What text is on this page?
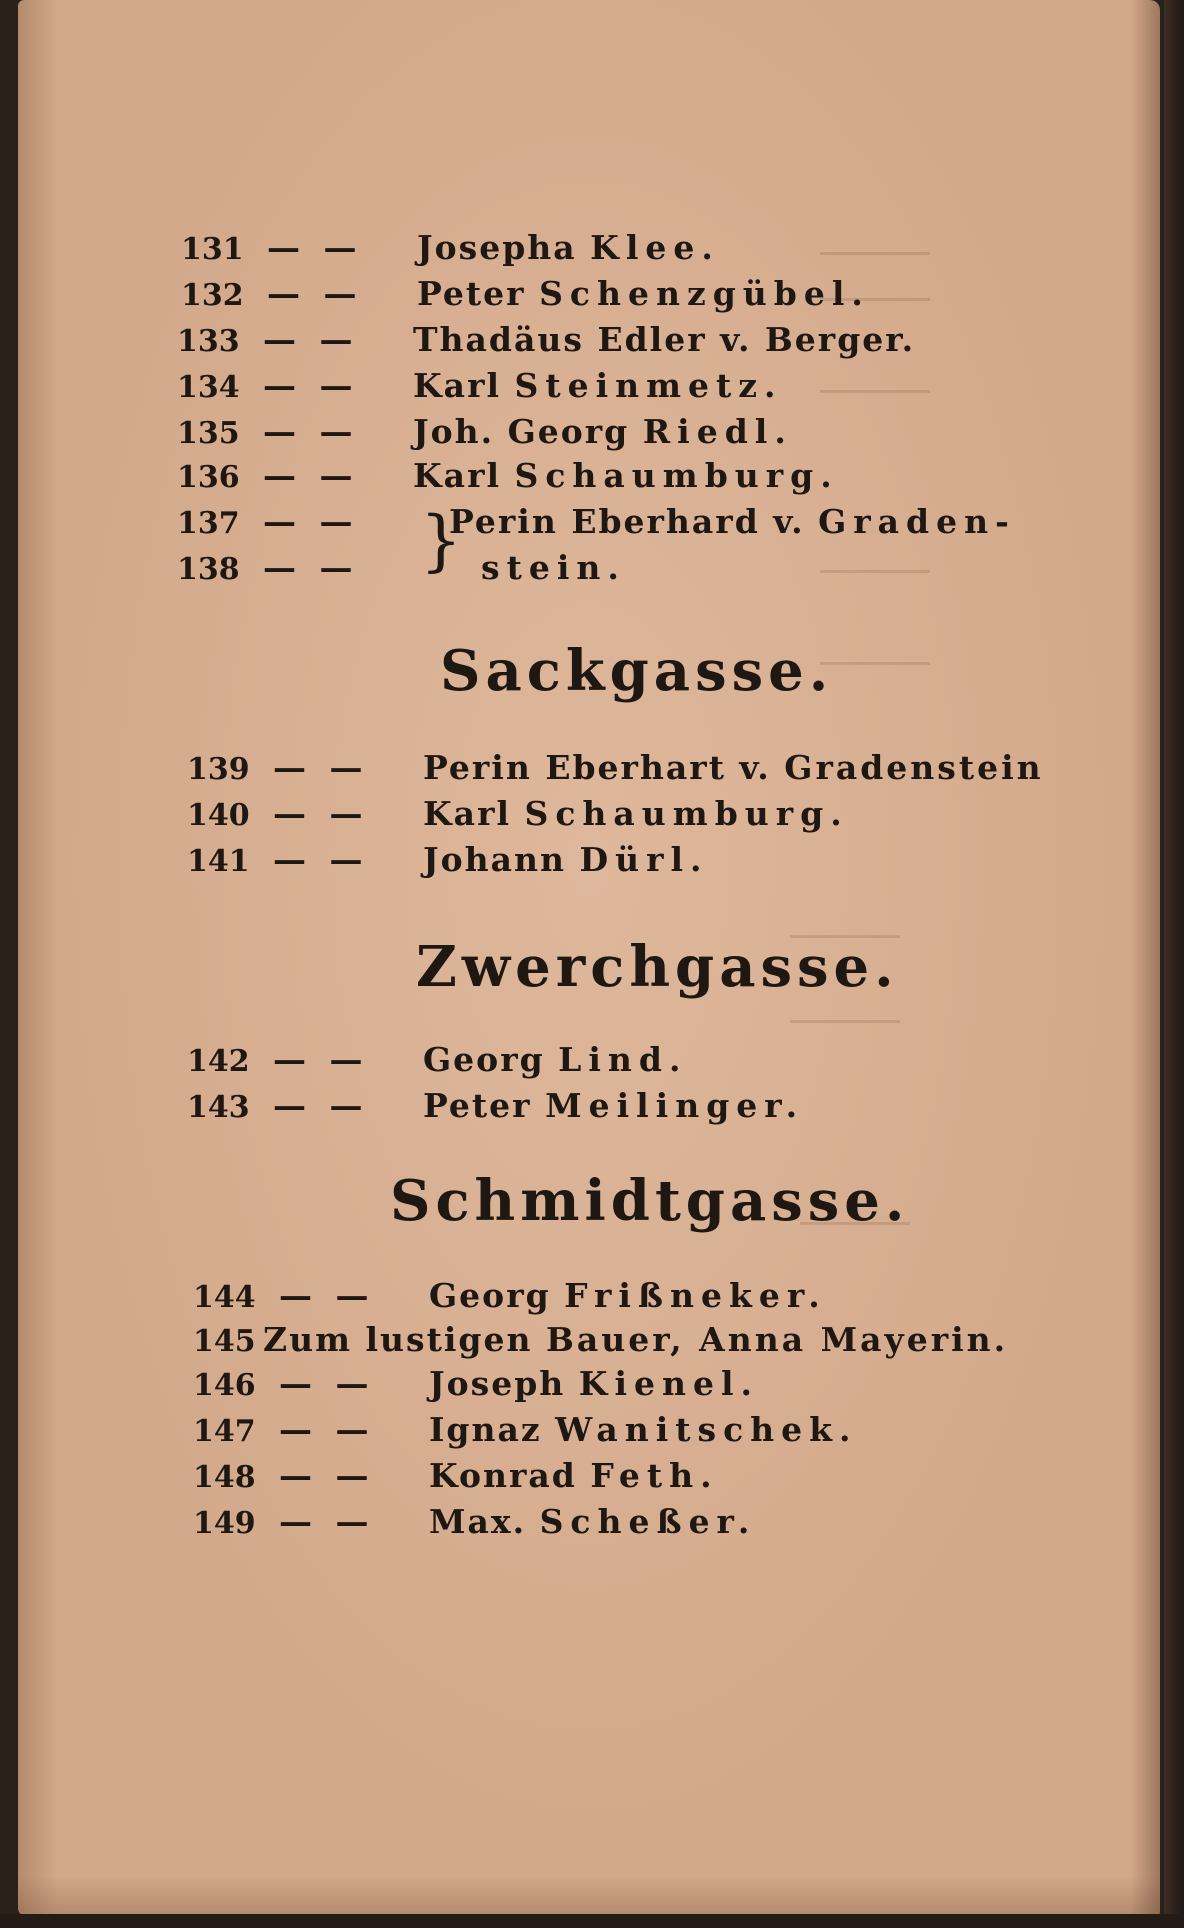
131 — —	Josepha Klee.
132 — —	Peter Schenzgübel.
133 — —	Thadäus Edler v. Berger.
134 — —	Karl Steinmetz.
135 — —	Joh. Georg Riedl.
136 — —	Karl Schaumburg.
137 — —	Perin Eberhard v. Graden-
138 — —	stein.
}
Sackgasse.
139 — —	Perin Eberhart v. Gradenstein
140 — —	Karl Schaumburg.
141 — —	Johann Dürl.
Zwerchgasse.
142 — —	Georg Lind.
143 — —	Peter Meilinger.
Schmidtgasse.
144 — —	Georg Frißneker.
145 Zum lustigen Bauer, Anna Mayerin.
146 — —	Joseph Kienel.
147 — —	Ignaz Wanitschek.
148 — —	Konrad Feth.
149 — —	Max. Scheßer.
